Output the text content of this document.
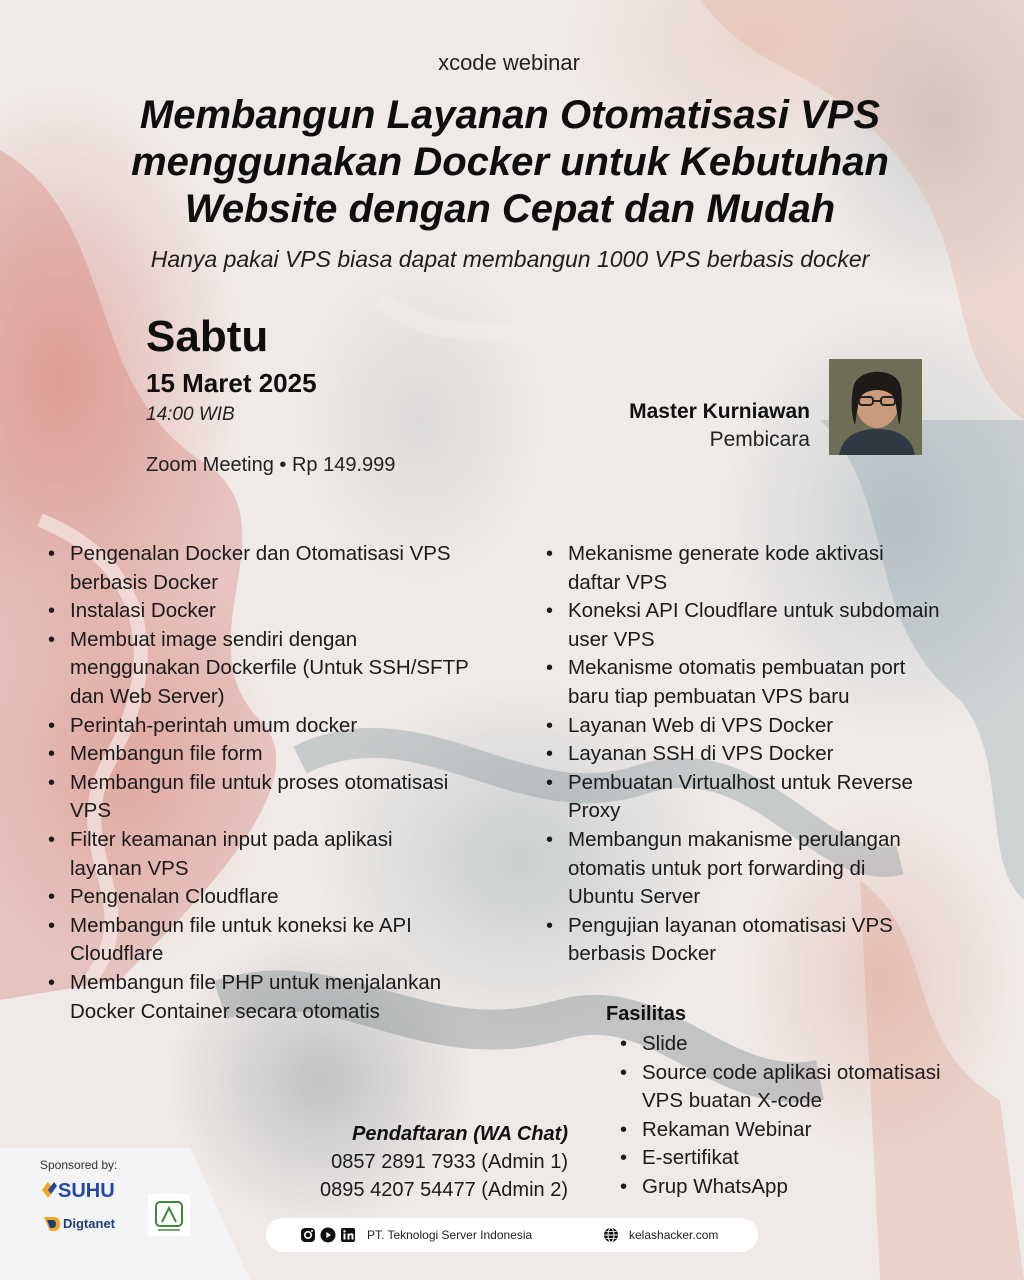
xcode webinar
Membangun Layanan Otomatisasi VPS
menggunakan Docker untuk Kebutuhan
Website dengan Cepat dan Mudah
Hanya pakai VPS biasa dapat membangun 1000 VPS berbasis docker
Sabtu
15 Maret 2025
14:00 WIB
Zoom Meeting • Rp 149.999
Master Kurniawan
Pembicara
• Pengenalan Docker dan Otomatisasi VPS
berbasis Docker
• Instalasi Docker
• Membuat image sendiri dengan
menggunakan Dockerfile (Untuk SSH/SFTP
dan Web Server)
• Perintah-perintah umum docker
• Membangun file form
• Membangun file untuk proses otomatisasi
VPS
• Filter keamanan input pada aplikasi
layanan VPS
• Pengenalan Cloudflare
• Membangun file untuk koneksi ke API
Cloudflare
• Membangun file PHP untuk menjalankan
Docker Container secara otomatis
• Mekanisme generate kode aktivasi
daftar VPS
• Koneksi API Cloudflare untuk subdomain
user VPS
• Mekanisme otomatis pembuatan port
baru tiap pembuatan VPS baru
• Layanan Web di VPS Docker
• Layanan SSH di VPS Docker
• Pembuatan Virtualhost untuk Reverse
Proxy
• Membangun makanisme perulangan
otomatis untuk port forwarding di
Ubuntu Server
• Pengujian layanan otomatisasi VPS
berbasis Docker
Fasilitas
• Slide
• Source code aplikasi otomatisasi
VPS buatan X-code
• Rekaman Webinar
• E-sertifikat
• Grup WhatsApp
Pendaftaran (WA Chat)
0857 2891 7933 (Admin 1)
0895 4207 54477 (Admin 2)
Sponsored by:
SUHU
Digtanet
PT. Teknologi Server Indonesia	kelashacker.com
